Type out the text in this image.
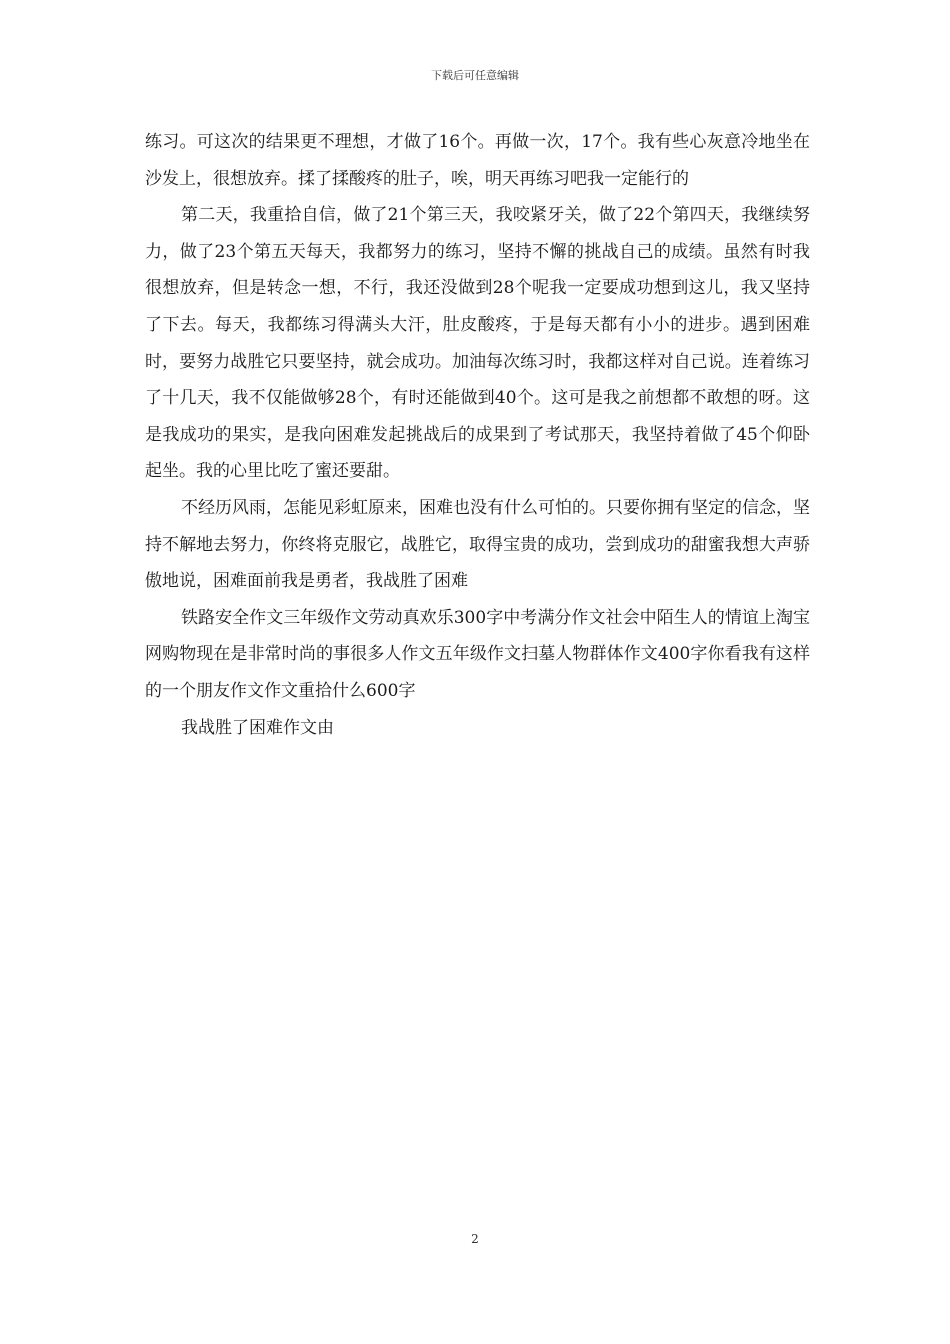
下载后可任意编辑

练习。可这次的结果更不理想，才做了16个。再做一次，17个。我有些心灰意冷地坐在沙发上，很想放弃。揉了揉酸疼的肚子，唉，明天再练习吧我一定能行的

第二天，我重拾自信，做了21个第三天，我咬紧牙关，做了22个第四天，我继续努力，做了23个第五天每天，我都努力的练习，坚持不懈的挑战自己的成绩。虽然有时我很想放弃，但是转念一想，不行，我还没做到28个呢我一定要成功想到这儿，我又坚持了下去。每天，我都练习得满头大汗，肚皮酸疼，于是每天都有小小的进步。遇到困难时，要努力战胜它只要坚持，就会成功。加油每次练习时，我都这样对自己说。连着练习了十几天，我不仅能做够28个，有时还能做到40个。这可是我之前想都不敢想的呀。这是我成功的果实，是我向困难发起挑战后的成果到了考试那天，我坚持着做了45个仰卧起坐。我的心里比吃了蜜还要甜。

不经历风雨，怎能见彩虹原来，困难也没有什么可怕的。只要你拥有坚定的信念，坚持不解地去努力，你终将克服它，战胜它，取得宝贵的成功，尝到成功的甜蜜我想大声骄傲地说，困难面前我是勇者，我战胜了困难

铁路安全作文三年级作文劳动真欢乐300字中考满分作文社会中陌生人的情谊上淘宝网购物现在是非常时尚的事很多人作文五年级作文扫墓人物群体作文400字你看我有这样的一个朋友作文作文重拾什么600字

我战胜了困难作文由

2
